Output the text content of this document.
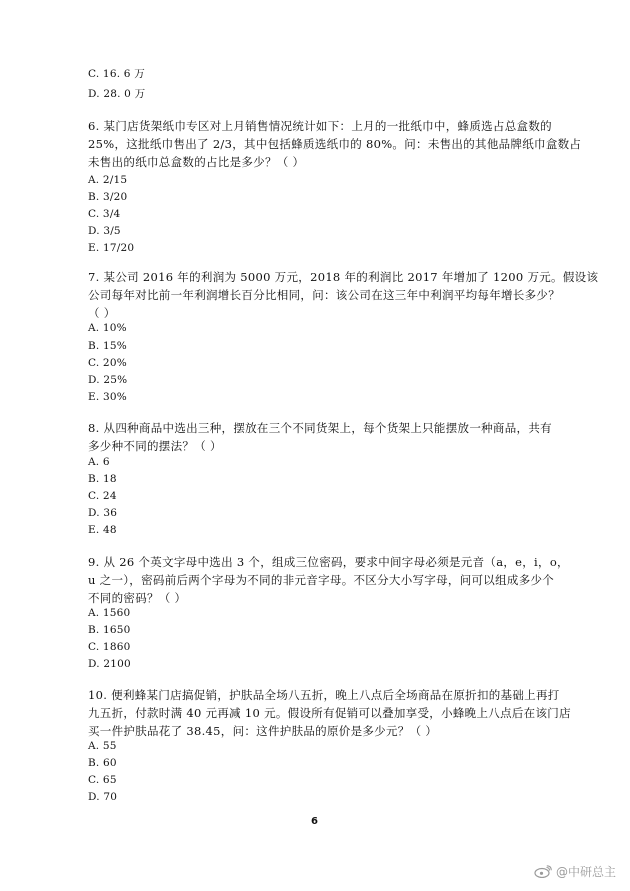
C. 16. 6 万
D. 28. 0 万
6. 某门店货架纸巾专区对上月销售情况统计如下：上月的一批纸巾中，蜂质选占总盒数的
25%，这批纸巾售出了 2/3，其中包括蜂质选纸巾的 80%。问：未售出的其他品牌纸巾盒数占
未售出的纸巾总盒数的占比是多少？（ ）
A. 2/15
B. 3/20
C. 3/4
D. 3/5
E. 17/20
7. 某公司 2016 年的利润为 5000 万元，2018 年的利润比 2017 年增加了 1200 万元。假设该
公司每年对比前一年利润增长百分比相同，问：该公司在这三年中利润平均每年增长多少？
（ ）
A. 10%
B. 15%
C. 20%
D. 25%
E. 30%
8. 从四种商品中选出三种，摆放在三个不同货架上，每个货架上只能摆放一种商品，共有
多少种不同的摆法？（ ）
A. 6
B. 18
C. 24
D. 36
E. 48
9. 从 26 个英文字母中选出 3 个，组成三位密码，要求中间字母必须是元音（a，e，i，o，
u 之一），密码前后两个字母为不同的非元音字母。不区分大小写字母，问可以组成多少个
不同的密码？（ ）
A. 1560
B. 1650
C. 1860
D. 2100
10. 便利蜂某门店搞促销，护肤品全场八五折，晚上八点后全场商品在原折扣的基础上再打
九五折，付款时满 40 元再减 10 元。假设所有促销可以叠加享受，小蜂晚上八点后在该门店
买一件护肤品花了 38.45，问：这件护肤品的原价是多少元？（ ）
A. 55
B. 60
C. 65
D. 70
6
@中研总主
